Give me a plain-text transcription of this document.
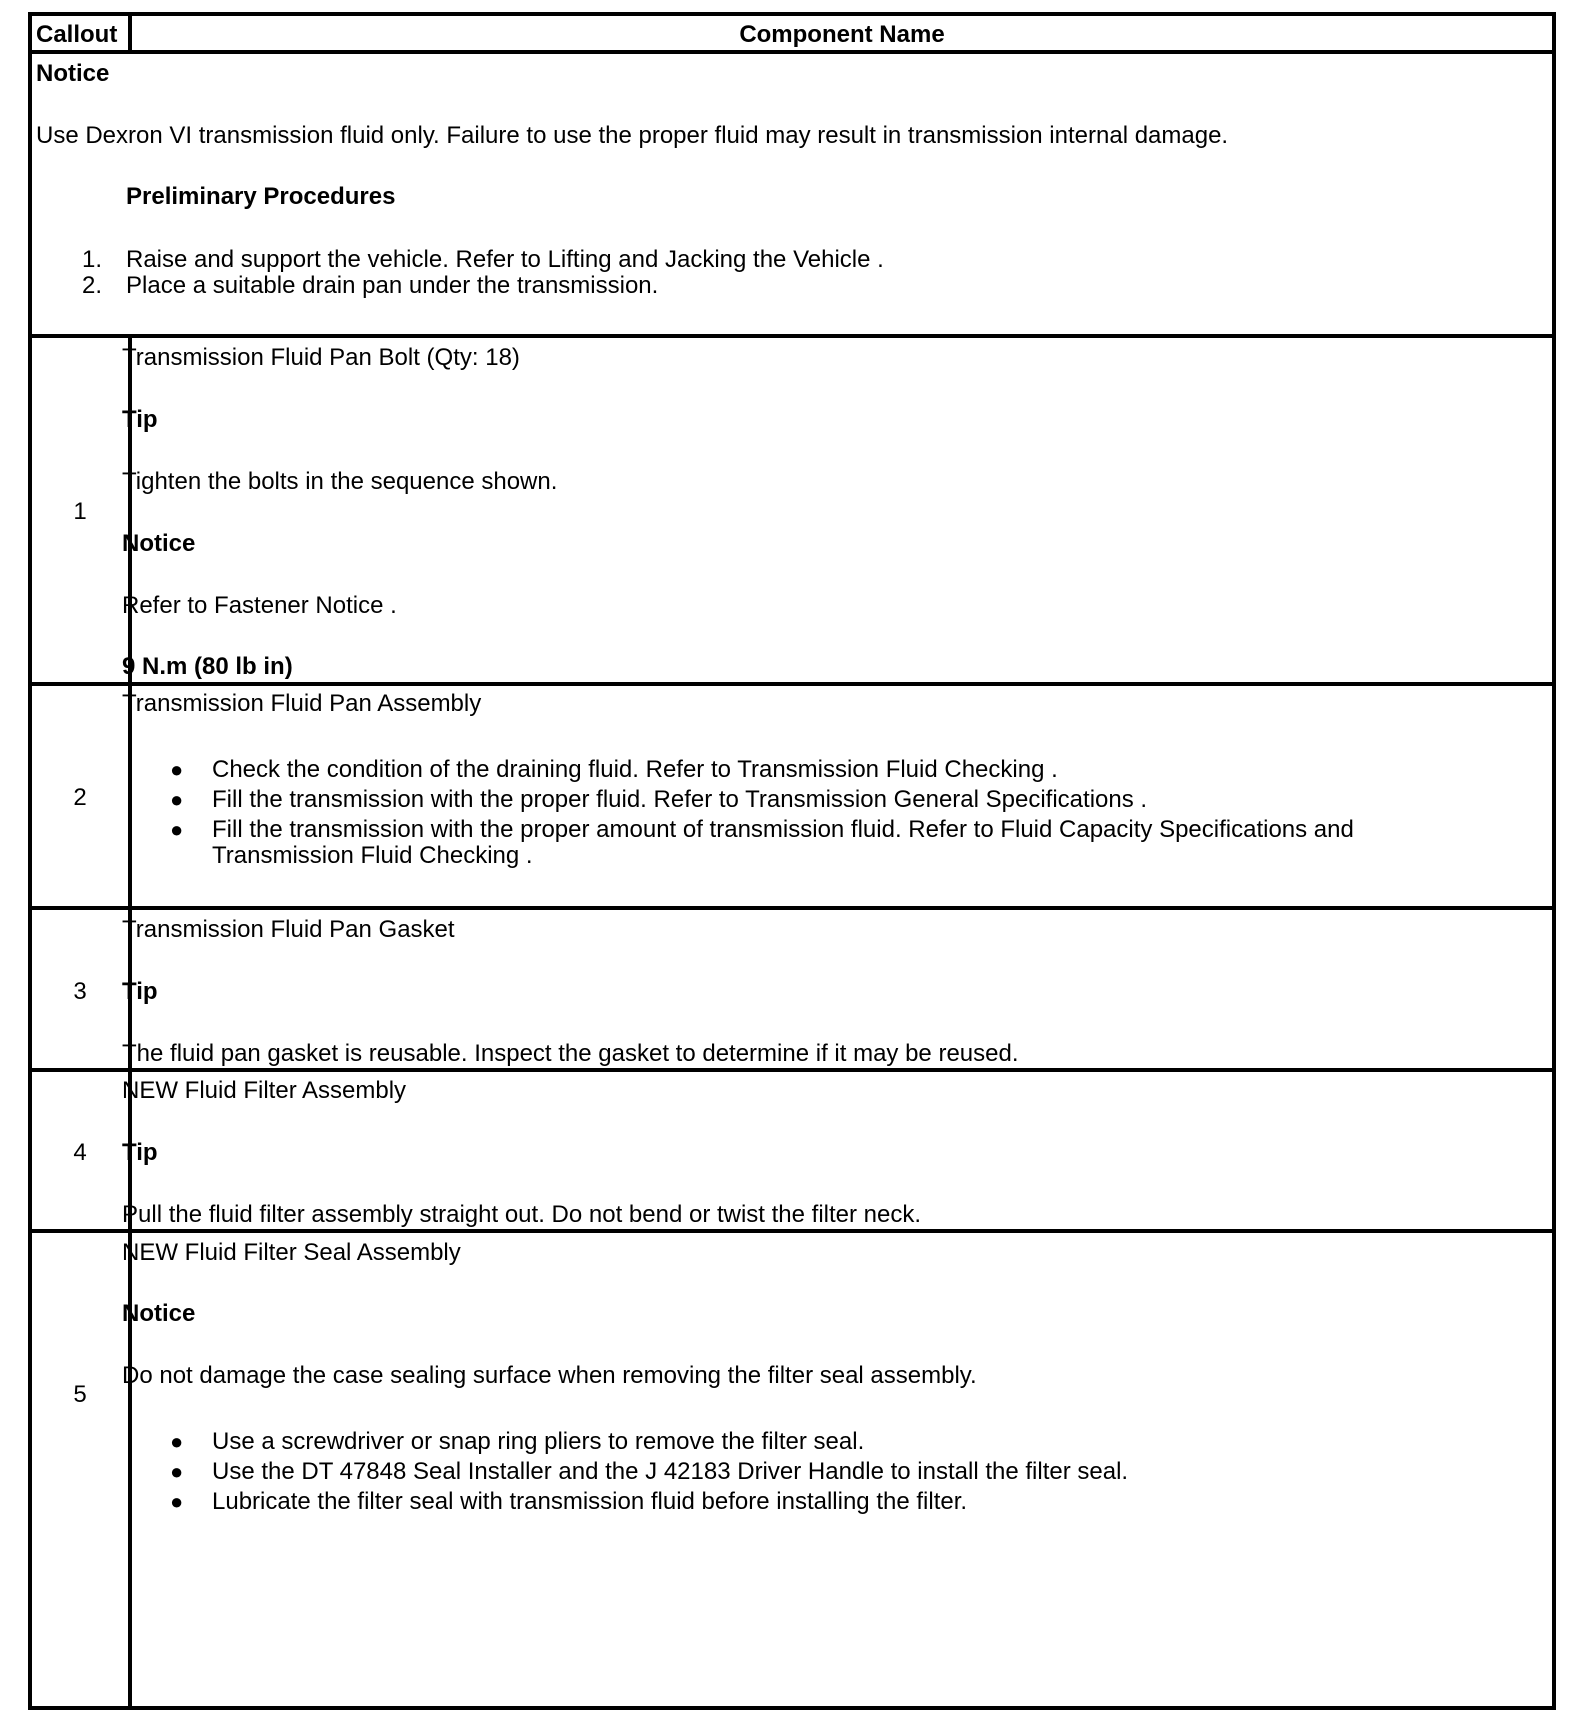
Callout	Component Name
Notice
Use Dexron VI transmission fluid only. Failure to use the proper fluid may result in transmission internal damage.
Preliminary Procedures
1. Raise and support the vehicle. Refer to Lifting and Jacking the Vehicle .
2. Place a suitable drain pan under the transmission.
1
Transmission Fluid Pan Bolt (Qty: 18)
Tip
Tighten the bolts in the sequence shown.
Notice
Refer to Fastener Notice .
9 N.m (80 lb in)
2
Transmission Fluid Pan Assembly
● Check the condition of the draining fluid. Refer to Transmission Fluid Checking .
● Fill the transmission with the proper fluid. Refer to Transmission General Specifications .
● Fill the transmission with the proper amount of transmission fluid. Refer to Fluid Capacity Specifications and
Transmission Fluid Checking .
3
Transmission Fluid Pan Gasket
Tip
The fluid pan gasket is reusable. Inspect the gasket to determine if it may be reused.
4
NEW Fluid Filter Assembly
Tip
Pull the fluid filter assembly straight out. Do not bend or twist the filter neck.
5
NEW Fluid Filter Seal Assembly
Notice
Do not damage the case sealing surface when removing the filter seal assembly.
● Use a screwdriver or snap ring pliers to remove the filter seal.
● Use the DT 47848 Seal Installer and the J 42183 Driver Handle to install the filter seal.
● Lubricate the filter seal with transmission fluid before installing the filter.
